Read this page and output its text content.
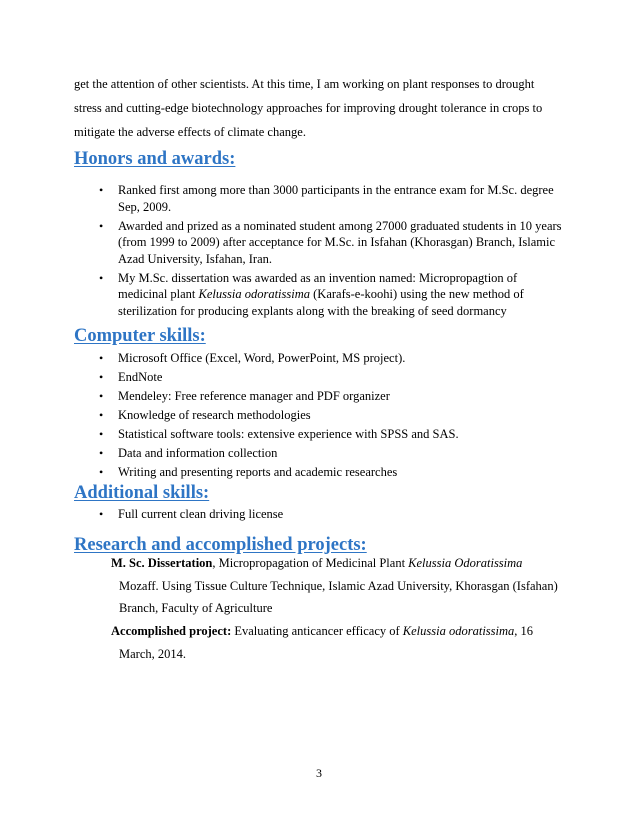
get the attention of other scientists. At this time, I am working on plant responses to drought
stress and cutting-edge biotechnology approaches for improving drought tolerance in crops to
mitigate the adverse effects of climate change.
Honors and awards:
• Ranked first among more than 3000 participants in the entrance exam for M.Sc. degree
Sep, 2009.
• Awarded and prized as a nominated student among 27000 graduated students in 10 years
(from 1999 to 2009) after acceptance for M.Sc. in Isfahan (Khorasgan) Branch, Islamic
Azad University, Isfahan, Iran.
• My M.Sc. dissertation was awarded as an invention named: Micropropagtion of
medicinal plant Kelussia odoratissima (Karafs-e-koohi) using the new method of
sterilization for producing explants along with the breaking of seed dormancy
Computer skills:
• Microsoft Office (Excel, Word, PowerPoint, MS project).
• EndNote
• Mendeley: Free reference manager and PDF organizer
• Knowledge of research methodologies
• Statistical software tools: extensive experience with SPSS and SAS.
• Data and information collection
• Writing and presenting reports and academic researches
Additional skills:
• Full current clean driving license
Research and accomplished projects:
M. Sc. Dissertation, Micropropagation of Medicinal Plant Kelussia Odoratissima
Mozaff. Using Tissue Culture Technique, Islamic Azad University, Khorasgan (Isfahan)
Branch, Faculty of Agriculture
Accomplished project: Evaluating anticancer efficacy of Kelussia odoratissima, 16
March, 2014.
3
